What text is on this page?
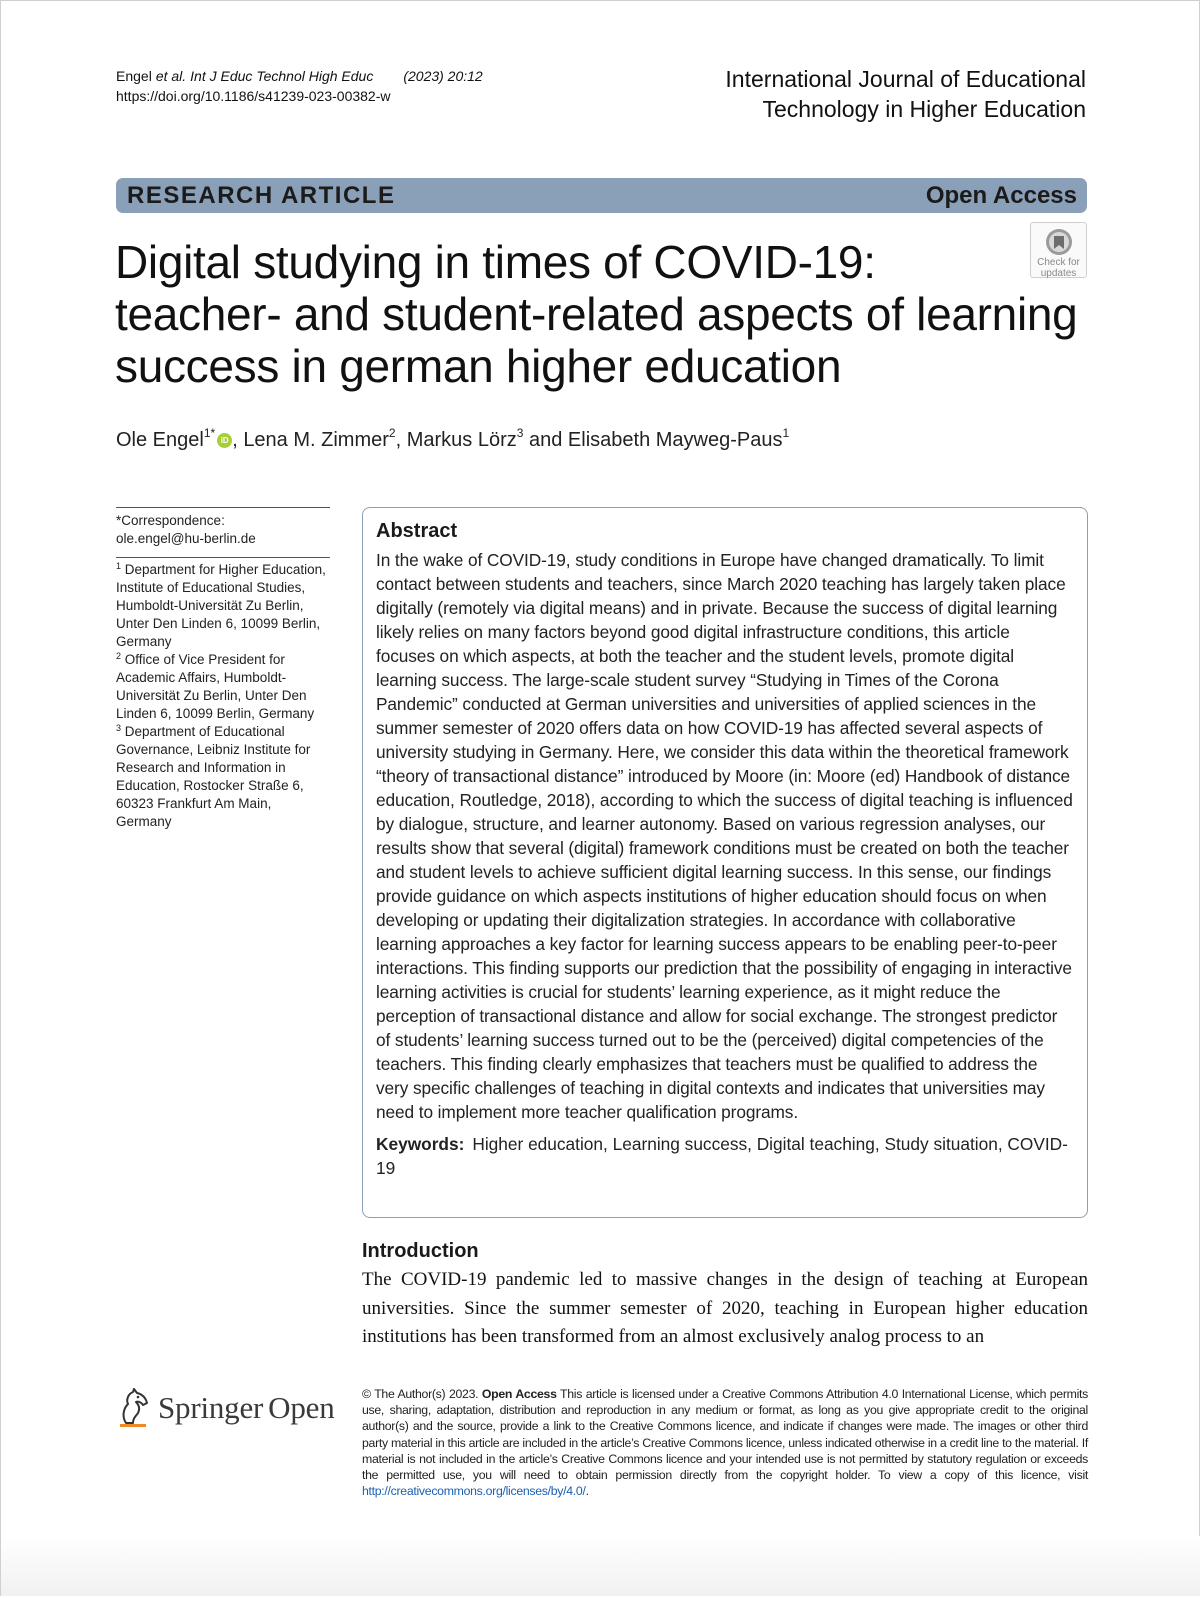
Engel et al. Int J Educ Technol High Educ (2023) 20:12
https://doi.org/10.1186/s41239-023-00382-w
International Journal of Educational
Technology in Higher Education
RESEARCH ARTICLE	Open Access
Check for
updates
Digital studying in times of COVID-19:
teacher- and student-related aspects of learning
success in german higher education
Ole Engel$^{1*}$iD , Lena M. Zimmer$^2$, Markus Lörz$^3$ and Elisabeth Mayweg-Paus$^1$
*Correspondence:
ole.engel@hu-berlin.de
$^1$ Department for Higher Education, Institute of Educational Studies, Humboldt-Universität Zu Berlin, Unter Den Linden 6, 10099 Berlin, Germany
$^2$ Office of Vice President for Academic Affairs, Humboldt-Universität Zu Berlin, Unter Den Linden 6, 10099 Berlin, Germany
$^3$ Department of Educational Governance, Leibniz Institute for Research and Information in Education, Rostocker Straße 6, 60323 Frankfurt Am Main, Germany
Abstract
In the wake of COVID-19, study conditions in Europe have changed dramatically. To limit contact between students and teachers, since March 2020 teaching has largely taken place digitally (remotely via digital means) and in private. Because the success of digital learning likely relies on many factors beyond good digital infrastructure conditions, this article focuses on which aspects, at both the teacher and the student levels, promote digital learning success. The large-scale student survey “Studying in Times of the Corona Pandemic” conducted at German universities and universities of applied sciences in the summer semester of 2020 offers data on how COVID-19 has affected several aspects of university studying in Germany. Here, we consider this data within the theoretical framework “theory of transactional distance” introduced by Moore (in: Moore (ed) Handbook of distance education, Routledge, 2018), according to which the success of digital teaching is influenced by dialogue, structure, and learner autonomy. Based on various regression analyses, our results show that several (digital) framework conditions must be created on both the teacher and student levels to achieve sufficient digital learning success. In this sense, our findings provide guidance on which aspects institutions of higher education should focus on when developing or updating their digitalization strategies. In accordance with collaborative learning approaches a key factor for learning success appears to be enabling peer-to-peer interactions. This finding supports our prediction that the possibility of engaging in interactive learning activities is crucial for students’ learning experience, as it might reduce the perception of transactional distance and allow for social exchange. The strongest predictor of students’ learning success turned out to be the (perceived) digital competencies of the teachers. This finding clearly emphasizes that teachers must be qualified to address the very specific challenges of teaching in digital contexts and indicates that universities may need to implement more teacher qualification programs.
Keywords: Higher education, Learning success, Digital teaching, Study situation, COVID-19
Introduction
The COVID-19 pandemic led to massive changes in the design of teaching at European universities. Since the summer semester of 2020, teaching in European higher education institutions has been transformed from an almost exclusively analog process to an
Springer Open © The Author(s) 2023. Open Access This article is licensed under a Creative Commons Attribution 4.0 International License, which permits use, sharing, adaptation, distribution and reproduction in any medium or format, as long as you give appropriate credit to the original author(s) and the source, provide a link to the Creative Commons licence, and indicate if changes were made. The images or other third party material in this article are included in the article’s Creative Commons licence, unless indicated otherwise in a credit line to the material. If material is not included in the article’s Creative Commons licence and your intended use is not permitted by statutory regulation or exceeds the permitted use, you will need to obtain permission directly from the copyright holder. To view a copy of this licence, visit http://creativecommons.org/licenses/by/4.0/.
